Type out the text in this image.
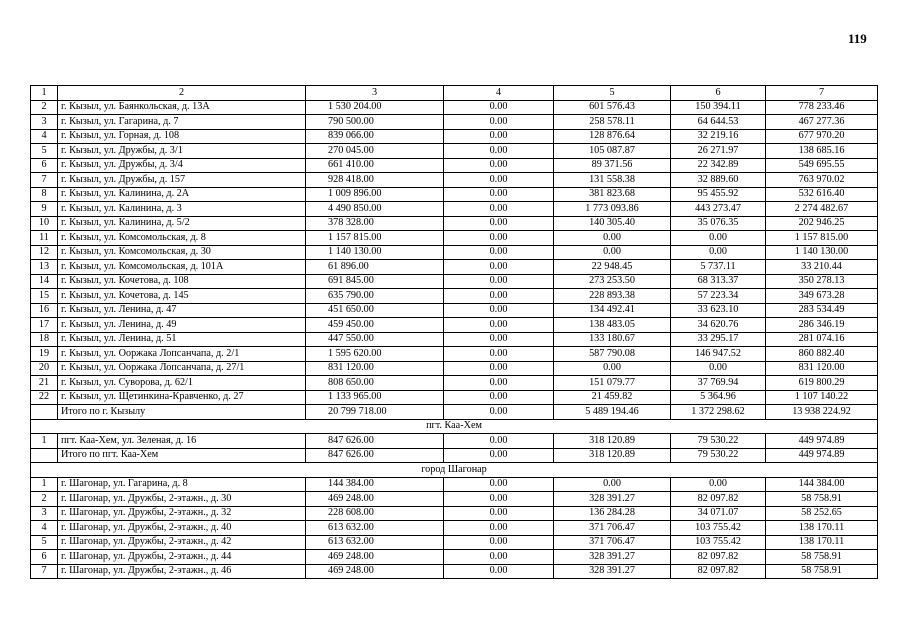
119
1	2	3	4	5	6	7
2	г. Кызыл, ул. Баянкольская, д. 13А	1 530 204.00	0.00	601 576.43	150 394.11	778 233.46
3	г. Кызыл, ул. Гагарина, д. 7	790 500.00	0.00	258 578.11	64 644.53	467 277.36
4	г. Кызыл, ул. Горная, д. 108	839 066.00	0.00	128 876.64	32 219.16	677 970.20
5	г. Кызыл, ул. Дружбы, д. 3/1	270 045.00	0.00	105 087.87	26 271.97	138 685.16
6	г. Кызыл, ул. Дружбы, д. 3/4	661 410.00	0.00	89 371.56	22 342.89	549 695.55
7	г. Кызыл, ул. Дружбы, д. 157	928 418.00	0.00	131 558.38	32 889.60	763 970.02
8	г. Кызыл, ул. Калинина, д. 2А	1 009 896.00	0.00	381 823.68	95 455.92	532 616.40
9	г. Кызыл, ул. Калинина, д. 3	4 490 850.00	0.00	1 773 093.86	443 273.47	2 274 482.67
10	г. Кызыл, ул. Калинина, д. 5/2	378 328.00	0.00	140 305.40	35 076.35	202 946.25
11	г. Кызыл, ул. Комсомольская, д. 8	1 157 815.00	0.00	0.00	0.00	1 157 815.00
12	г. Кызыл, ул. Комсомольская, д. 30	1 140 130.00	0.00	0.00	0.00	1 140 130.00
13	г. Кызыл, ул. Комсомольская, д. 101А	61 896.00	0.00	22 948.45	5 737.11	33 210.44
14	г. Кызыл, ул. Кочетова, д. 108	691 845.00	0.00	273 253.50	68 313.37	350 278.13
15	г. Кызыл, ул. Кочетова, д. 145	635 790.00	0.00	228 893.38	57 223.34	349 673.28
16	г. Кызыл, ул. Ленина, д. 47	451 650.00	0.00	134 492.41	33 623.10	283 534.49
17	г. Кызыл, ул. Ленина, д. 49	459 450.00	0.00	138 483.05	34 620.76	286 346.19
18	г. Кызыл, ул. Ленина, д. 51	447 550.00	0.00	133 180.67	33 295.17	281 074.16
19	г. Кызыл, ул. Ооржака Лопсанчапа, д. 2/1	1 595 620.00	0.00	587 790.08	146 947.52	860 882.40
20	г. Кызыл, ул. Ооржака Лопсанчапа, д. 27/1	831 120.00	0.00	0.00	0.00	831 120.00
21	г. Кызыл, ул. Суворова, д. 62/1	808 650.00	0.00	151 079.77	37 769.94	619 800.29
22	г. Кызыл, ул. Щетинкина-Кравченко, д. 27	1 133 965.00	0.00	21 459.82	5 364.96	1 107 140.22
	Итого по г. Кызылу	20 799 718.00	0.00	5 489 194.46	1 372 298.62	13 938 224.92
пгт. Каа-Хем						
1	пгт. Каа-Хем, ул. Зеленая, д. 16	847 626.00	0.00	318 120.89	79 530.22	449 974.89
	Итого по пгт. Каа-Хем	847 626.00	0.00	318 120.89	79 530.22	449 974.89
город Шагонар						
1	г. Шагонар, ул. Гагарина, д. 8	144 384.00	0.00	0.00	0.00	144 384.00
2	г. Шагонар, ул. Дружбы, 2-этажн., д. 30	469 248.00	0.00	328 391.27	82 097.82	58 758.91
3	г. Шагонар, ул. Дружбы, 2-этажн., д. 32	228 608.00	0.00	136 284.28	34 071.07	58 252.65
4	г. Шагонар, ул. Дружбы, 2-этажн., д. 40	613 632.00	0.00	371 706.47	103 755.42	138 170.11
5	г. Шагонар, ул. Дружбы, 2-этажн., д. 42	613 632.00	0.00	371 706.47	103 755.42	138 170.11
6	г. Шагонар, ул. Дружбы, 2-этажн., д. 44	469 248.00	0.00	328 391.27	82 097.82	58 758.91
7	г. Шагонар, ул. Дружбы, 2-этажн., д. 46	469 248.00	0.00	328 391.27	82 097.82	58 758.91
